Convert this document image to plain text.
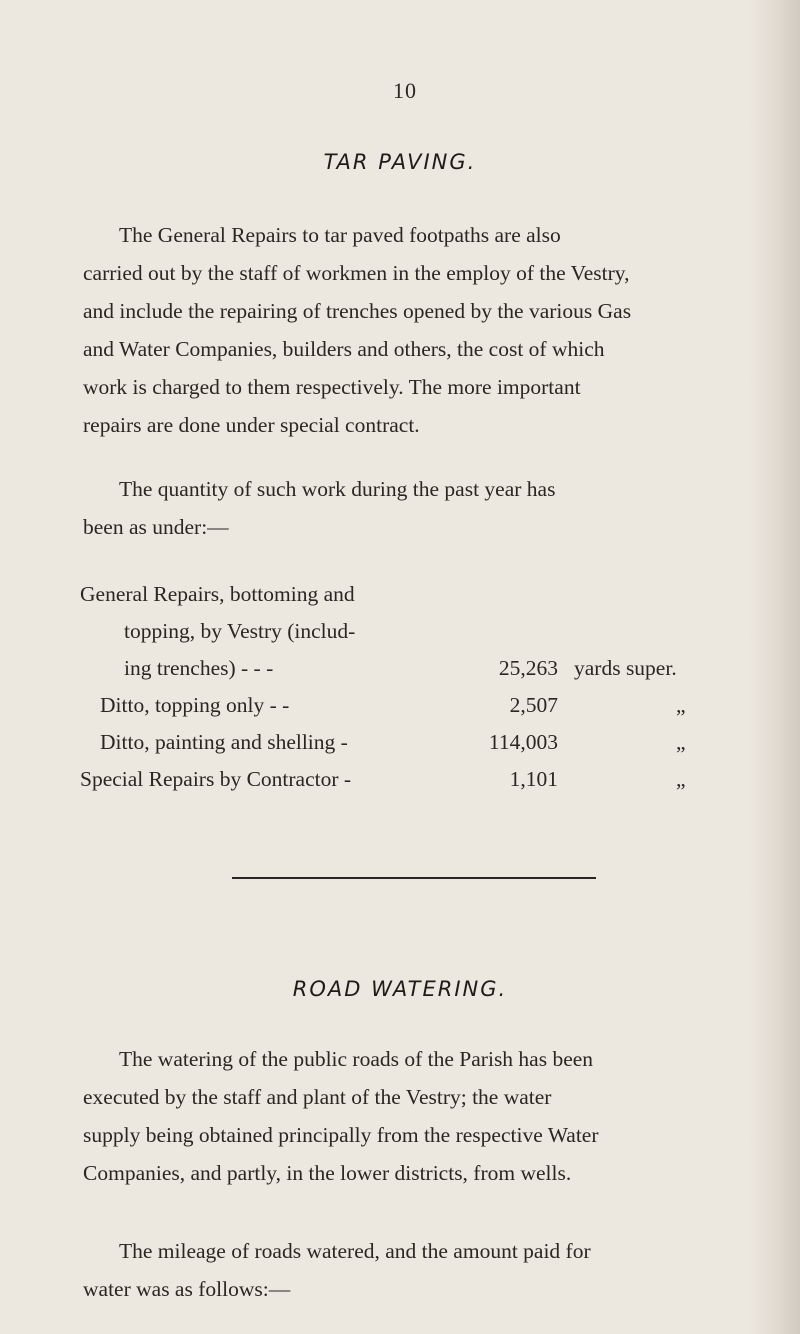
10
TAR PAVING.
The General Repairs to tar paved footpaths are also
carried out by the staff of workmen in the employ of the Vestry,
and include the repairing of trenches opened by the various Gas
and Water Companies, builders and others, the cost of which
work is charged to them respectively. The more important
repairs are done under special contract.
The quantity of such work during the past year has
been as under:—
General Repairs, bottoming and
topping, by Vestry (includ-
ing trenches) - - -	25,263 yards super.
Ditto, topping only - -	2,507	„
Ditto, painting and shelling -	114,003	„
Special Repairs by Contractor -	1,101	„
ROAD WATERING.
The watering of the public roads of the Parish has been
executed by the staff and plant of the Vestry; the water
supply being obtained principally from the respective Water
Companies, and partly, in the lower districts, from wells.
The mileage of roads watered, and the amount paid for
water was as follows:—
